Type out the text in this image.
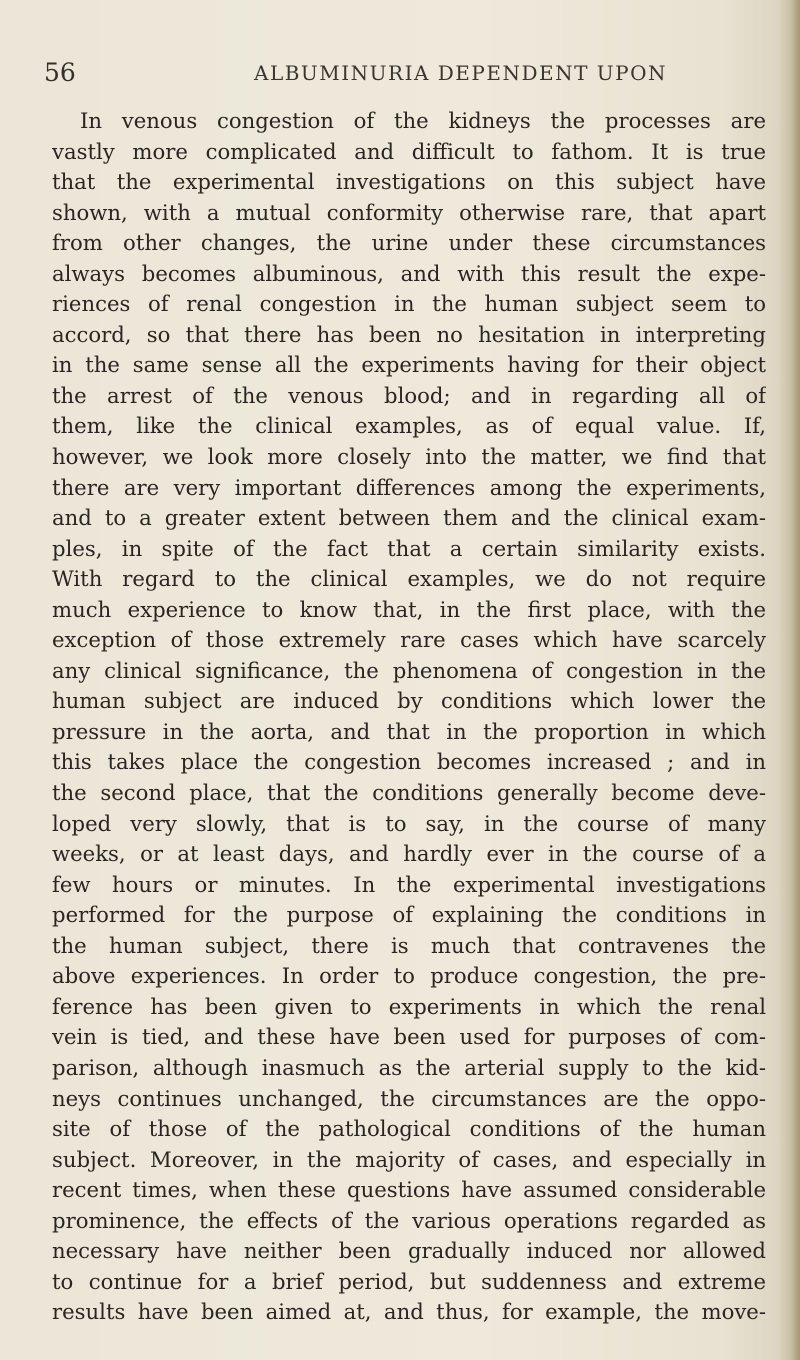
56	ALBUMINURIA DEPENDENT UPON
In venous congestion of the kidneys the processes are
vastly more complicated and difficult to fathom. It is true
that the experimental investigations on this subject have
shown, with a mutual conformity otherwise rare, that apart
from other changes, the urine under these circumstances
always becomes albuminous, and with this result the expe-
riences of renal congestion in the human subject seem to
accord, so that there has been no hesitation in interpreting
in the same sense all the experiments having for their object
the arrest of the venous blood; and in regarding all of
them, like the clinical examples, as of equal value. If,
however, we look more closely into the matter, we find that
there are very important differences among the experiments,
and to a greater extent between them and the clinical exam-
ples, in spite of the fact that a certain similarity exists.
With regard to the clinical examples, we do not require
much experience to know that, in the first place, with the
exception of those extremely rare cases which have scarcely
any clinical significance, the phenomena of congestion in the
human subject are induced by conditions which lower the
pressure in the aorta, and that in the proportion in which
this takes place the congestion becomes increased ; and in
the second place, that the conditions generally become deve-
loped very slowly, that is to say, in the course of many
weeks, or at least days, and hardly ever in the course of a
few hours or minutes. In the experimental investigations
performed for the purpose of explaining the conditions in
the human subject, there is much that contravenes the
above experiences. In order to produce congestion, the pre-
ference has been given to experiments in which the renal
vein is tied, and these have been used for purposes of com-
parison, although inasmuch as the arterial supply to the kid-
neys continues unchanged, the circumstances are the oppo-
site of those of the pathological conditions of the human
subject. Moreover, in the majority of cases, and especially in
recent times, when these questions have assumed considerable
prominence, the effects of the various operations regarded as
necessary have neither been gradually induced nor allowed
to continue for a brief period, but suddenness and extreme
results have been aimed at, and thus, for example, the move-
